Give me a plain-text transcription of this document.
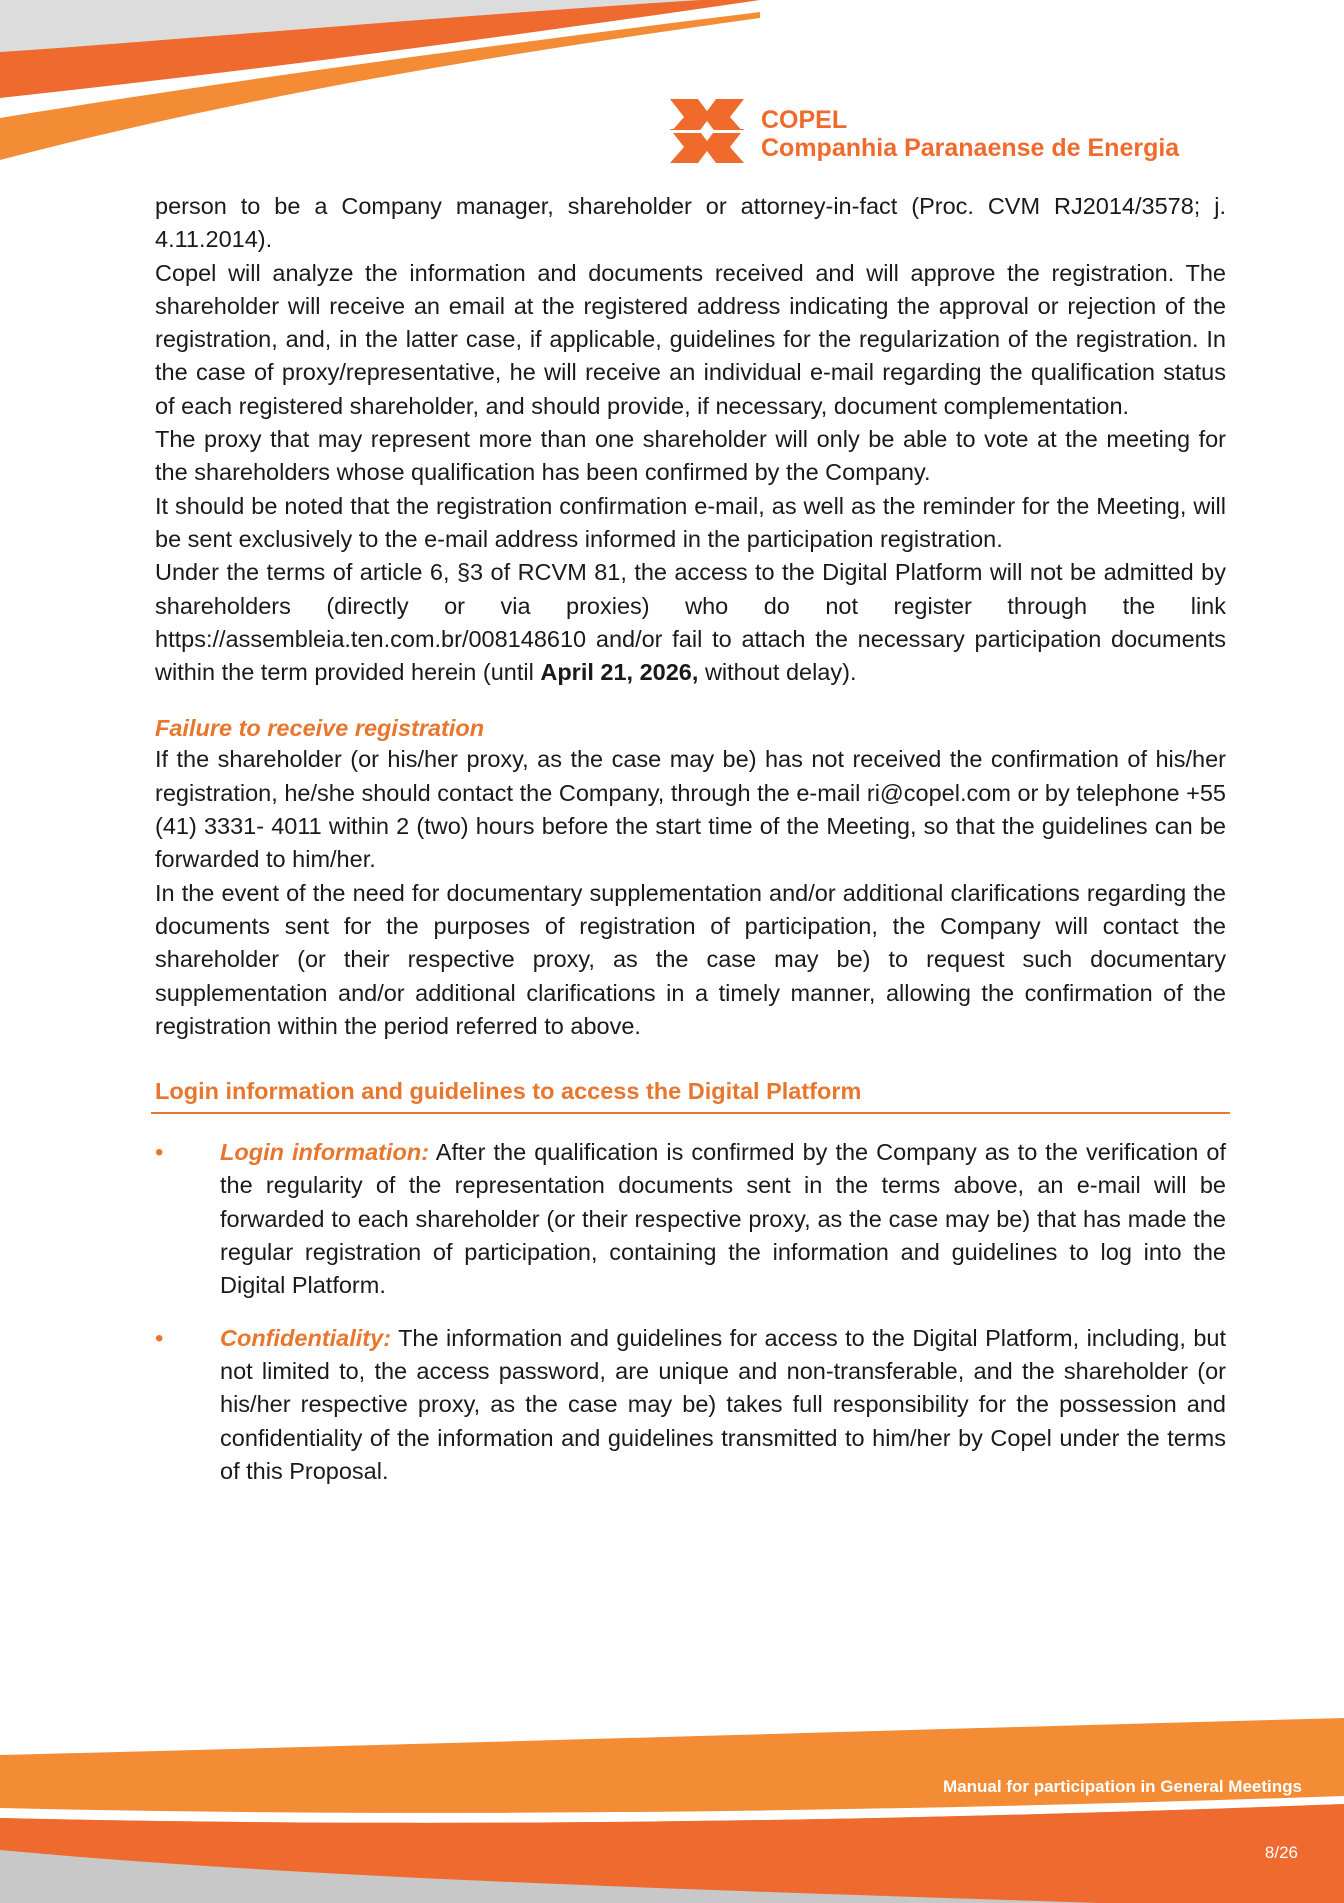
COPEL
Companhia Paranaense de Energia

person to be a Company manager, shareholder or attorney-in-fact (Proc. CVM RJ2014/3578; j. 4.11.2014).

Copel will analyze the information and documents received and will approve the registration. The shareholder will receive an email at the registered address indicating the approval or rejection of the registration, and, in the latter case, if applicable, guidelines for the regularization of the registration. In the case of proxy/representative, he will receive an individual e-mail regarding the qualification status of each registered shareholder, and should provide, if necessary, document complementation.

The proxy that may represent more than one shareholder will only be able to vote at the meeting for the shareholders whose qualification has been confirmed by the Company.

It should be noted that the registration confirmation e-mail, as well as the reminder for the Meeting, will be sent exclusively to the e-mail address informed in the participation registration.

Under the terms of article 6, §3 of RCVM 81, the access to the Digital Platform will not be admitted by shareholders (directly or via proxies) who do not register through the link https://assembleia.ten.com.br/008148610 and/or fail to attach the necessary participation documents within the term provided herein (until April 21, 2026, without delay).

Failure to receive registration

If the shareholder (or his/her proxy, as the case may be) has not received the confirmation of his/her registration, he/she should contact the Company, through the e-mail ri@copel.com or by telephone +55 (41) 3331- 4011 within 2 (two) hours before the start time of the Meeting, so that the guidelines can be forwarded to him/her.

In the event of the need for documentary supplementation and/or additional clarifications regarding the documents sent for the purposes of registration of participation, the Company will contact the shareholder (or their respective proxy, as the case may be) to request such documentary supplementation and/or additional clarifications in a timely manner, allowing the confirmation of the registration within the period referred to above.

Login information and guidelines to access the Digital Platform
• Login information: After the qualification is confirmed by the Company as to the verification of the regularity of the representation documents sent in the terms above, an e-mail will be forwarded to each shareholder (or their respective proxy, as the case may be) that has made the regular registration of participation, containing the information and guidelines to log into the Digital Platform.
• Confidentiality: The information and guidelines for access to the Digital Platform, including, but not limited to, the access password, are unique and non-transferable, and the shareholder (or his/her respective proxy, as the case may be) takes full responsibility for the possession and confidentiality of the information and guidelines transmitted to him/her by Copel under the terms of this Proposal.
Manual for participation in General Meetings
8/26
